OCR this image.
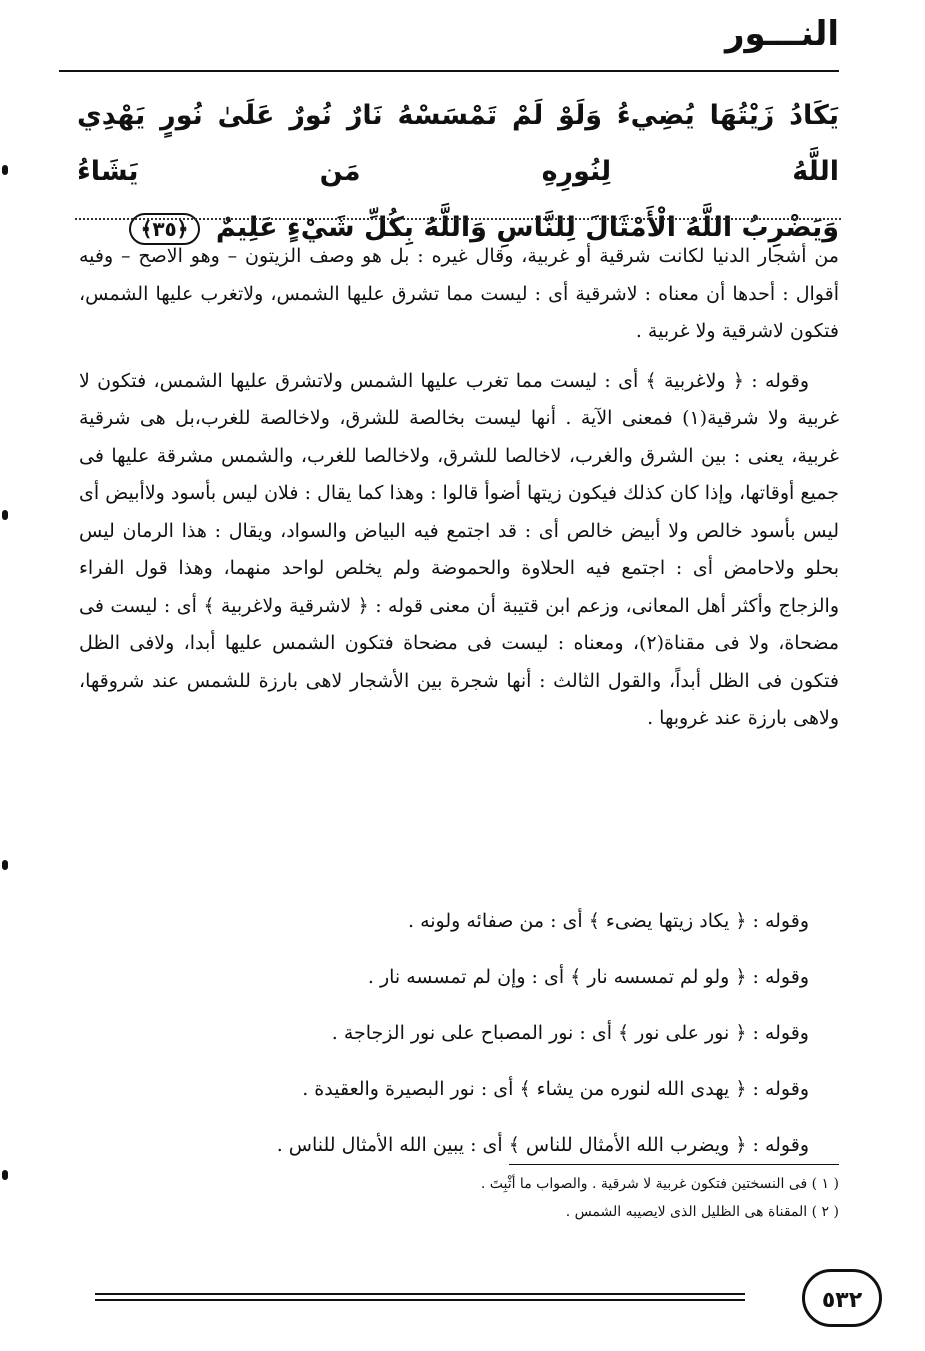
النـــور
يَكَادُ زَيْتُهَا يُضِيءُ وَلَوْ لَمْ تَمْسَسْهُ نَارٌ نُورٌ عَلَىٰ نُورٍ يَهْدِي اللَّهُ لِنُورِهِ مَن يَشَاءُ
وَيَضْرِبُ اللَّهُ الْأَمْثَالَ لِلنَّاسِ وَاللَّهُ بِكُلِّ شَيْءٍ عَلِيمٌ ﴿٣٥﴾

من أشجار الدنيا لكانت شرقية أو غربية، وقال غيره : بل هو وصف الزيتون – وهو الاصح – وفيه أقوال : أحدها أن معناه : لاشرقية أى : ليست مما تشرق عليها الشمس، ولاتغرب عليها الشمس، فتكون لاشرقية ولا غربية .

وقوله : ﴿ ولاغربية ﴾ أى : ليست مما تغرب عليها الشمس ولاتشرق عليها الشمس، فتكون لا غربية ولا شرقية(١) فمعنى الآية . أنها ليست بخالصة للشرق، ولاخالصة للغرب،بل هى شرقية غربية، يعنى : بين الشرق والغرب، لاخالصا للشرق، ولاخالصا للغرب، والشمس مشرقة عليها فى جميع أوقاتها، وإذا كان كذلك فيكون زيتها أضوأ قالوا : وهذا كما يقال : فلان ليس بأسود ولاأبيض أى ليس بأسود خالص ولا أبيض خالص أى : قد اجتمع فيه البياض والسواد، ويقال : هذا الرمان ليس بحلو ولاحامض أى : اجتمع فيه الحلاوة والحموضة ولم يخلص لواحد منهما، وهذا قول الفراء والزجاج وأكثر أهل المعانى، وزعم ابن قتيبة أن معنى قوله : ﴿ لاشرقية ولاغربية ﴾ أى : ليست فى مضحاة، ولا فى مقناة(٢)، ومعناه : ليست فى مضحاة فتكون الشمس عليها أبدا، ولافى الظل فتكون فى الظل أبداً، والقول الثالث : أنها شجرة بين الأشجار لاهى بارزة للشمس عند شروقها، ولاهى بارزة عند غروبها .

وقوله : ﴿ يكاد زيتها يضىء ﴾ أى : من صفائه ولونه .
وقوله : ﴿ ولو لم تمسسه نار ﴾ أى : وإن لم تمسسه نار .
وقوله : ﴿ نور على نور ﴾ أى : نور المصباح على نور الزجاجة .
وقوله : ﴿ يهدى الله لنوره من يشاء ﴾ أى : نور البصيرة والعقيدة .
وقوله : ﴿ ويضرب الله الأمثال للناس ﴾ أى : يبين الله الأمثال للناس .
( ١ ) فى النسختين فتكون غربية لا شرقية . والصواب ما أثْبِتَ .
( ٢ ) المقناة هى الظليل الذى لايصيبه الشمس .
٥٣٢
